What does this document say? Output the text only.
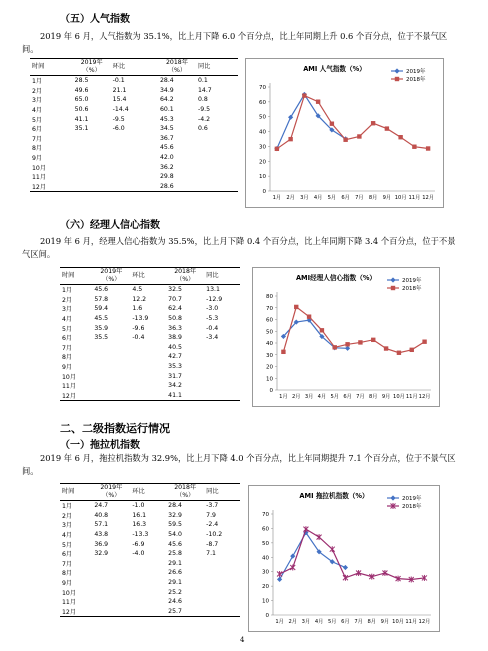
（五）人气指数
2019 年 6 月，人气指数为 35.1%，比上月下降 6.0 个百分点，比上年同期上升 0.6 个百分点，位于不景气区间。
时间	2019年（%）	环比	2018年（%）	同比
1月	28.5	-0.1	28.4	0.1
2月	49.6	21.1	34.9	14.7
3月	65.0	15.4	64.2	0.8
4月	50.6	-14.4	60.1	-9.5
5月	41.1	-9.5	45.3	-4.2
6月	35.1	-6.0	34.5	0.6
7月			36.7	
8月			45.6	
9月			42.0	
10月			36.2	
11月			29.8	
12月			28.6	
AMI 人气指数（%）
0
10
20
30
40
50
60
70
1月 2月 3月 4月 5月 6月 7月 8月 9月 10月 11月 12月
2019年
2018年
（六）经理人信心指数
2019 年 6 月，经理人信心指数为 35.5%，比上月下降 0.4 个百分点，比上年同期下降 3.4 个百分点，位于不景气区间。
时间	2019年（%）	环比	2018年（%）	同比
1月	45.6	4.5	32.5	13.1
2月	57.8	12.2	70.7	-12.9
3月	59.4	1.6	62.4	-3.0
4月	45.5	-13.9	50.8	-5.3
5月	35.9	-9.6	36.3	-0.4
6月	35.5	-0.4	38.9	-3.4
7月			40.5	
8月			42.7	
9月			35.3	
10月			31.7	
11月			34.2	
12月			41.1	
AMI经理人信心指数（%）
0
10
20
30
40
50
60
70
80
1月 2月 3月 4月 5月 6月 7月 8月 9月 10月 11月 12月
2019年
2018年
二、二级指数运行情况
（一）拖拉机指数
2019 年 6 月，拖拉机指数为 32.9%，比上月下降 4.0 个百分点，比上年同期提升 7.1 个百分点，位于不景气区间。
时间	2019年（%）	环比	2018年（%）	同比
1月	24.7	-1.0	28.4	-3.7
2月	40.8	16.1	32.9	7.9
3月	57.1	16.3	59.5	-2.4
4月	43.8	-13.3	54.0	-10.2
5月	36.9	-6.9	45.6	-8.7
6月	32.9	-4.0	25.8	7.1
7月			29.1	
8月			26.6	
9月			29.1	
10月			25.2	
11月			24.6	
12月			25.7	
AMI 拖拉机指数（%）
0
10
20
30
40
50
60
70
1月 2月 3月 4月 5月 6月 7月 8月 9月 10月 11月 12月
2019年
2018年
4
